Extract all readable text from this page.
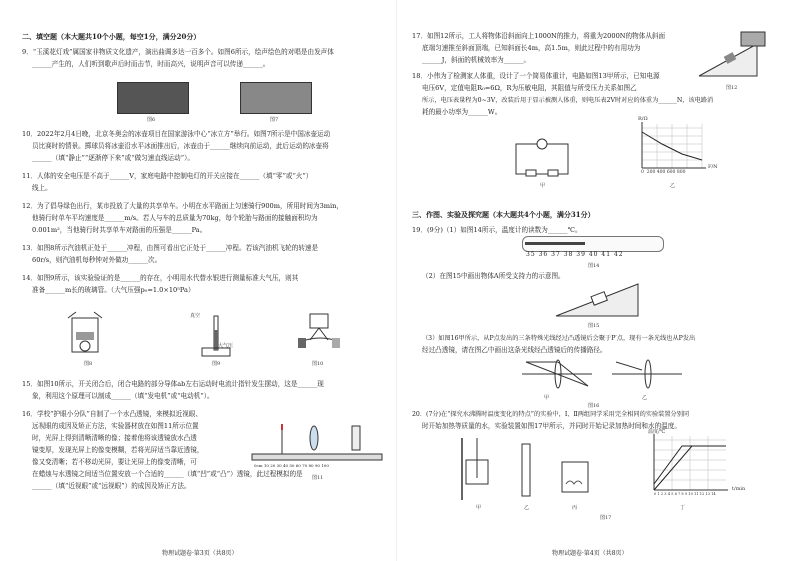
二、填空题（本大题共10个小题，每空1分，满分20分）
9．“玉溪花灯戏”属国家非物质文化遗产，演出曲调多达一百多个。如图6所示，绘声绘色的对唱是由发声体
______产生的，人们听到歌声后时而击节，时而高兴，说明声音可以传递______。
图6	图7
10．2022年2月4日晚，北京冬奥会的冰壶项目在国家游泳中心“冰立方”举行。如图7所示是中国冰壶运动
员比赛时的情景。掷球员将冰壶沿水平冰面推出后，冰壶由于______继续向前运动，此后运动的冰壶将
______（填“静止”“逐渐停下来”或“做匀速直线运动”）。
11．人体的安全电压是不高于______V，家庭电路中控制电灯的开关应接在______（填“零”或“火”）
线上。
12．为了倡导绿色出行，某市投放了大量的共享单车。小明在水平路面上匀速骑行900m，所用时间为3min，
他骑行时单车平均速度是______m/s。若人与车的总质量为70kg，每个轮胎与路面的接触面积均为
0.001m²，当他骑行时共享单车对路面的压强是______Pa。
13．如图8所示汽油机正处于______冲程，由图可看出它正处于______冲程。若该汽油机飞轮的转速是
60r/s，则汽油机每秒钟对外做功______次。
14．如图9所示，该实验验证的是______的存在，小明用水代替水银进行测量标准大气压，则其
准备______m长的玻璃管。（大气压强p₀=1.0×10⁵Pa）
图8
真空
大气压
图9	图10
15．如图10所示，开关闭合后，闭合电路的部分导体ab左右运动时电流计指针发生摆动，这是______现
象，利用这个原理可以制成______（填“发电机”或“电动机”）。
16．学校“护眼小分队”自制了一个水凸透镜，来模拟近视眼、
远视眼的成因及矫正方法，实验器材放在如图11所示位置
时，光屏上得到清晰清晰的像；接着他将该透镜放水凸透
镜变厚，发现光屏上的像变模糊，若将光屏适当靠近透镜，
像又变清晰；若不移动光屏，要让光屏上的像变清晰，可
在蜡烛与水透镜之间适当位置安放一个合适的______（填“凹”或“凸”）透镜，此过程模拟的是
______（填“近视眼”或“远视眼”）的成因及矫正方法。
0cm 10 20 30 40 50 60 70 80 90 100
图11
物理试题卷·第3页（共8页）
17．如图12所示，工人将物体沿斜面向上1000N的推力，将重为2000N的物体从斜面
底端匀速推至斜面顶端，已知斜面长4m，高1.5m，则此过程中的有用功为
______J，斜面的机械效率为______。
图12
18．小伟为了检测家人体重，设计了一个简易体重计，电路如图13甲所示，已知电源
电压6V，定值电阻R₀=6Ω，R为压敏电阻，其阻值与所受压力关系如图乙
所示，电压表量程为0~3V，改装后用于显示被测人体重，则电压表2V时对应的体重为______N，该电路消
耗的最小功率为______W。
甲
R/Ω
F/N
0 200 400 600 800
乙
三、作图、实验及探究题（本大题共4个小题，满分31分）
19．(9分)（1）如图14所示，温度计的读数为______℃。
35 36 37 38 39 40 41 42
图14
（2）在图15中画出物体A所受支持力的示意图。
图15
（3）如图16甲所示，从P点发出的三条特殊光线经过凸透镜后会聚于P′点，现有一条光线也从P发出
经过凸透镜，请在图乙中画出这条光线经凸透镜后的传播路径。
甲	乙
图16
20．(7分)在“探究水沸腾时温度变化的特点”的实验中，Ⅰ、Ⅱ两组同学采用完全相同的实验装置分别同
时开始加热等质量的水，实验装置如图17甲所示，并同时开始记录加热时间和水的温度。
甲	乙	丙
温度/℃
t/min
0 1 2 3 4 5 6 7 8 9 10 11 12 13 14
丁
图17
物理试题卷·第4页（共8页）
